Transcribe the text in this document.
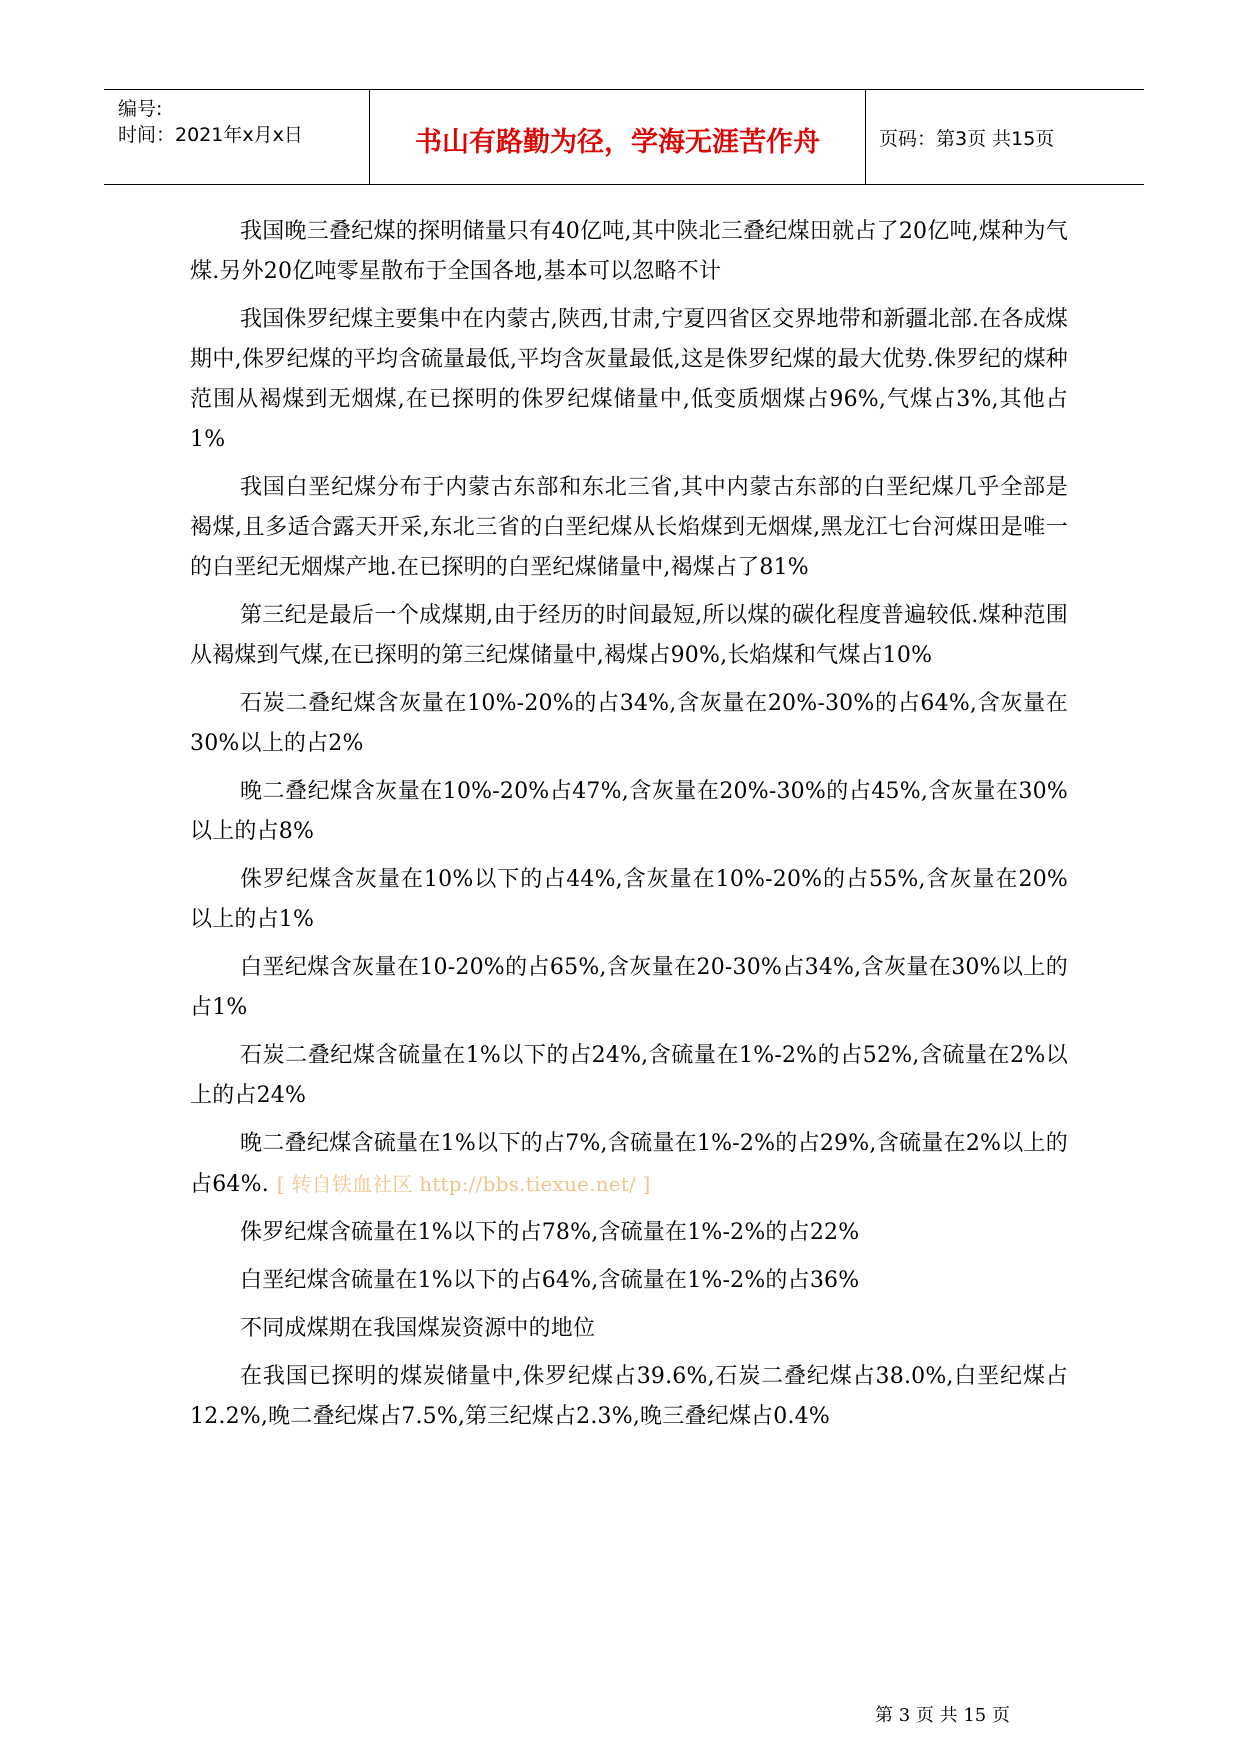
编号:
时间：2021年x月x日	书山有路勤为径，学海无涯苦作舟	页码：第3页 共15页

我国晚三叠纪煤的探明储量只有40亿吨,其中陕北三叠纪煤田就占了20亿吨,煤种为气煤.另外20亿吨零星散布于全国各地,基本可以忽略不计

我国侏罗纪煤主要集中在内蒙古,陕西,甘肃,宁夏四省区交界地带和新疆北部.在各成煤期中,侏罗纪煤的平均含硫量最低,平均含灰量最低,这是侏罗纪煤的最大优势.侏罗纪的煤种范围从褐煤到无烟煤,在已探明的侏罗纪煤储量中,低变质烟煤占96%,气煤占3%,其他占1%

我国白垩纪煤分布于内蒙古东部和东北三省,其中内蒙古东部的白垩纪煤几乎全部是褐煤,且多适合露天开采,东北三省的白垩纪煤从长焰煤到无烟煤,黑龙江七台河煤田是唯一的白垩纪无烟煤产地.在已探明的白垩纪煤储量中,褐煤占了81%

第三纪是最后一个成煤期,由于经历的时间最短,所以煤的碳化程度普遍较低.煤种范围从褐煤到气煤,在已探明的第三纪煤储量中,褐煤占90%,长焰煤和气煤占10%

石炭二叠纪煤含灰量在10%-20%的占34%,含灰量在20%-30%的占64%,含灰量在30%以上的占2%

晚二叠纪煤含灰量在10%-20%占47%,含灰量在20%-30%的占45%,含灰量在30%以上的占8%

侏罗纪煤含灰量在10%以下的占44%,含灰量在10%-20%的占55%,含灰量在20%以上的占1%

白垩纪煤含灰量在10-20%的占65%,含灰量在20-30%占34%,含灰量在30%以上的占1%

石炭二叠纪煤含硫量在1%以下的占24%,含硫量在1%-2%的占52%,含硫量在2%以上的占24%

晚二叠纪煤含硫量在1%以下的占7%,含硫量在1%-2%的占29%,含硫量在2%以上的占64%. [ 转自铁血社区 http://bbs.tiexue.net/ ]

侏罗纪煤含硫量在1%以下的占78%,含硫量在1%-2%的占22%

白垩纪煤含硫量在1%以下的占64%,含硫量在1%-2%的占36%

不同成煤期在我国煤炭资源中的地位

在我国已探明的煤炭储量中,侏罗纪煤占39.6%,石炭二叠纪煤占38.0%,白垩纪煤占12.2%,晚二叠纪煤占7.5%,第三纪煤占2.3%,晚三叠纪煤占0.4%

第 3 页 共 15 页
